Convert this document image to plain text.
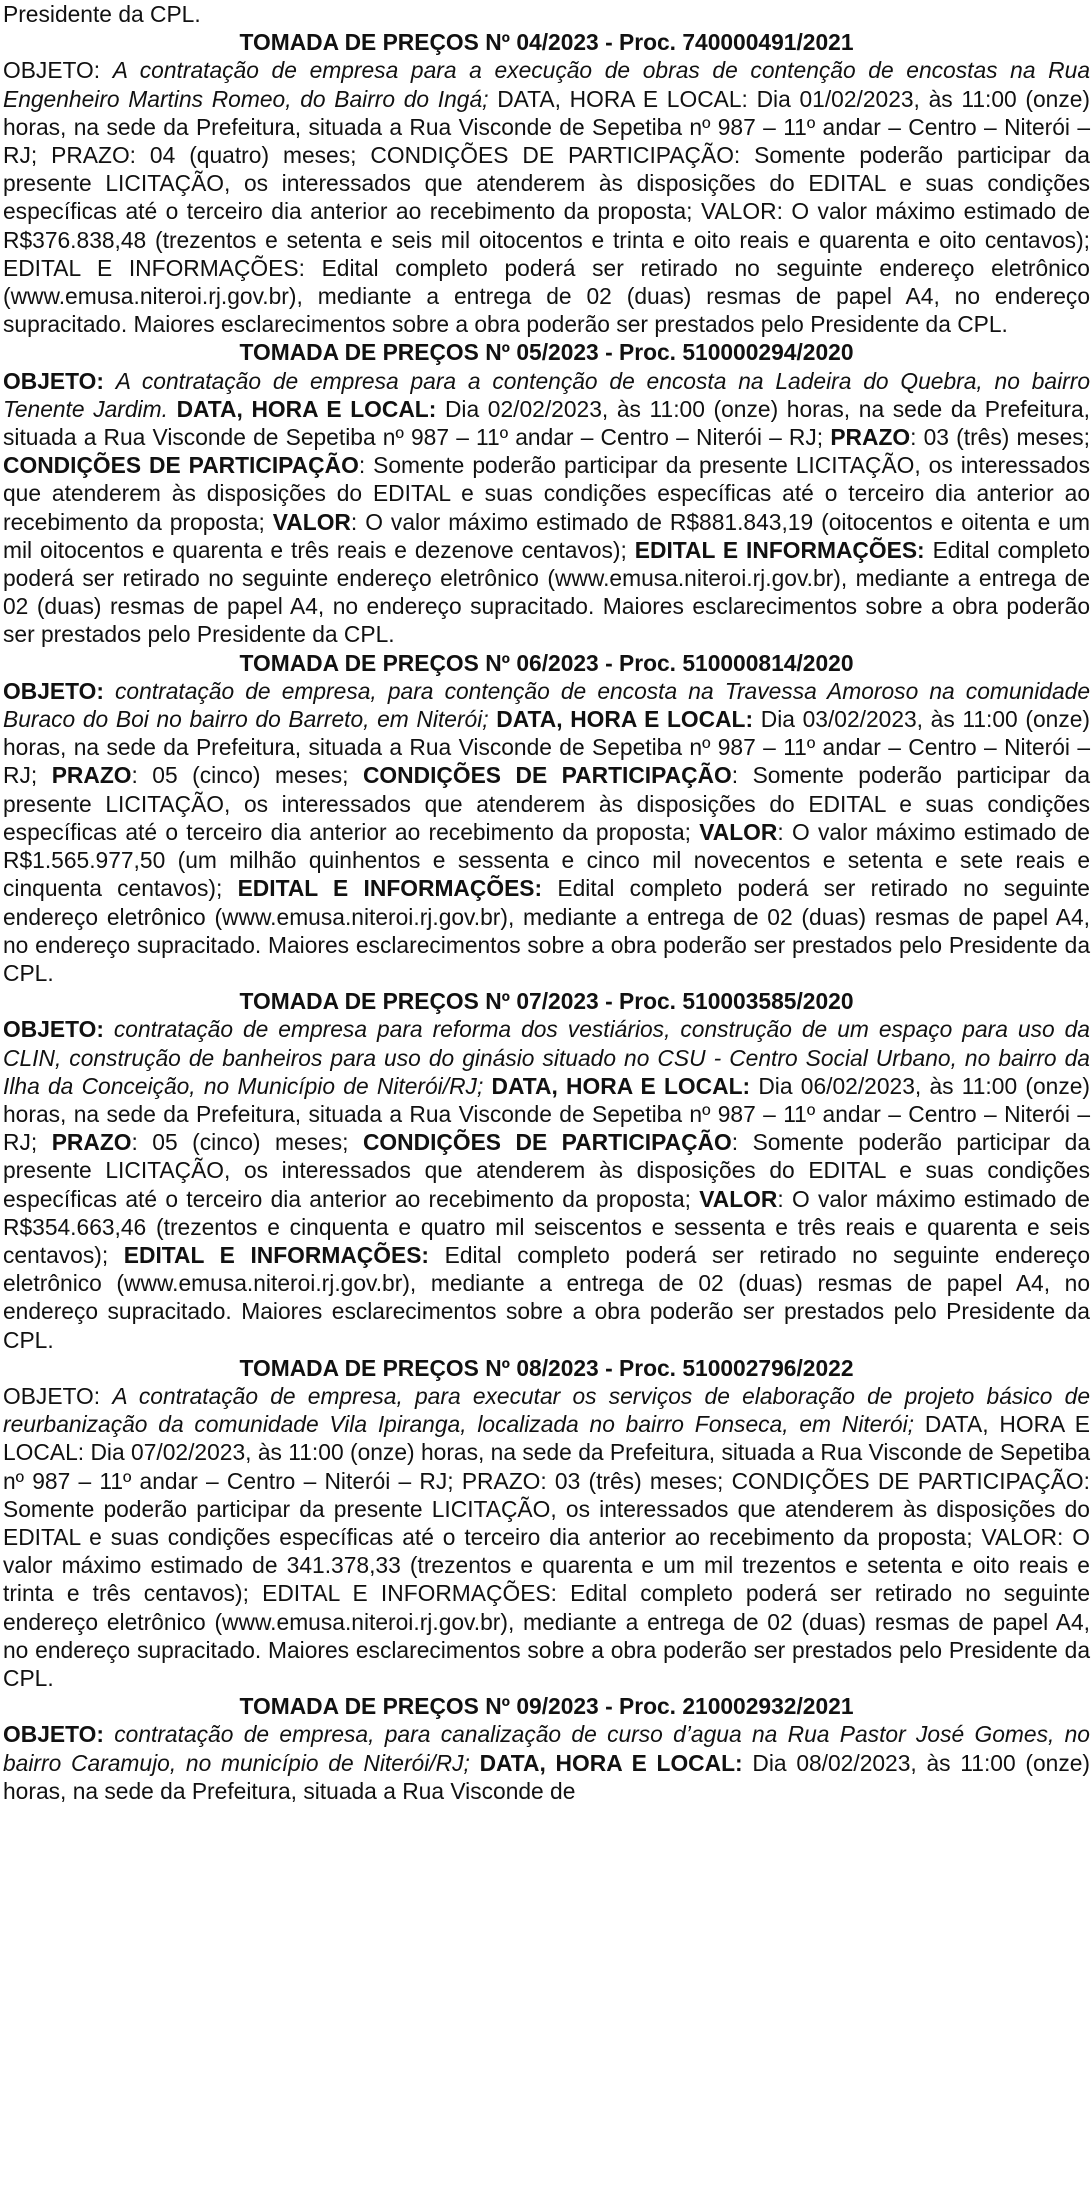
Presidente da CPL.

TOMADA DE PREÇOS Nº 04/2023 - Proc. 740000491/2021

OBJETO: A contratação de empresa para a execução de obras de contenção de encostas na Rua Engenheiro Martins Romeo, do Bairro do Ingá; DATA, HORA E LOCAL: Dia 01/02/2023, às 11:00 (onze) horas, na sede da Prefeitura, situada a Rua Visconde de Sepetiba nº 987 – 11º andar – Centro – Niterói – RJ; PRAZO: 04 (quatro) meses; CONDIÇÕES DE PARTICIPAÇÃO: Somente poderão participar da presente LICITAÇÃO, os interessados que atenderem às disposições do EDITAL e suas condições específicas até o terceiro dia anterior ao recebimento da proposta; VALOR: O valor máximo estimado de R$376.838,48 (trezentos e setenta e seis mil oitocentos e trinta e oito reais e quarenta e oito centavos); EDITAL E INFORMAÇÕES: Edital completo poderá ser retirado no seguinte endereço eletrônico (www.emusa.niteroi.rj.gov.br), mediante a entrega de 02 (duas) resmas de papel A4, no endereço supracitado. Maiores esclarecimentos sobre a obra poderão ser prestados pelo Presidente da CPL.

TOMADA DE PREÇOS Nº 05/2023 - Proc. 510000294/2020

OBJETO: A contratação de empresa para a contenção de encosta na Ladeira do Quebra, no bairro Tenente Jardim. DATA, HORA E LOCAL: Dia 02/02/2023, às 11:00 (onze) horas, na sede da Prefeitura, situada a Rua Visconde de Sepetiba nº 987 – 11º andar – Centro – Niterói – RJ; PRAZO: 03 (três) meses; CONDIÇÕES DE PARTICIPAÇÃO: Somente poderão participar da presente LICITAÇÃO, os interessados que atenderem às disposições do EDITAL e suas condições específicas até o terceiro dia anterior ao recebimento da proposta; VALOR: O valor máximo estimado de R$881.843,19 (oitocentos e oitenta e um mil oitocentos e quarenta e três reais e dezenove centavos); EDITAL E INFORMAÇÕES: Edital completo poderá ser retirado no seguinte endereço eletrônico (www.emusa.niteroi.rj.gov.br), mediante a entrega de 02 (duas) resmas de papel A4, no endereço supracitado. Maiores esclarecimentos sobre a obra poderão ser prestados pelo Presidente da CPL.

TOMADA DE PREÇOS Nº 06/2023 - Proc. 510000814/2020

OBJETO: contratação de empresa, para contenção de encosta na Travessa Amoroso na comunidade Buraco do Boi no bairro do Barreto, em Niterói; DATA, HORA E LOCAL: Dia 03/02/2023, às 11:00 (onze) horas, na sede da Prefeitura, situada a Rua Visconde de Sepetiba nº 987 – 11º andar – Centro – Niterói – RJ; PRAZO: 05 (cinco) meses; CONDIÇÕES DE PARTICIPAÇÃO: Somente poderão participar da presente LICITAÇÃO, os interessados que atenderem às disposições do EDITAL e suas condições específicas até o terceiro dia anterior ao recebimento da proposta; VALOR: O valor máximo estimado de R$1.565.977,50 (um milhão quinhentos e sessenta e cinco mil novecentos e setenta e sete reais e cinquenta centavos); EDITAL E INFORMAÇÕES: Edital completo poderá ser retirado no seguinte endereço eletrônico (www.emusa.niteroi.rj.gov.br), mediante a entrega de 02 (duas) resmas de papel A4, no endereço supracitado. Maiores esclarecimentos sobre a obra poderão ser prestados pelo Presidente da CPL.

TOMADA DE PREÇOS Nº 07/2023 - Proc. 510003585/2020

OBJETO: contratação de empresa para reforma dos vestiários, construção de um espaço para uso da CLIN, construção de banheiros para uso do ginásio situado no CSU - Centro Social Urbano, no bairro da Ilha da Conceição, no Município de Niterói/RJ; DATA, HORA E LOCAL: Dia 06/02/2023, às 11:00 (onze) horas, na sede da Prefeitura, situada a Rua Visconde de Sepetiba nº 987 – 11º andar – Centro – Niterói – RJ; PRAZO: 05 (cinco) meses; CONDIÇÕES DE PARTICIPAÇÃO: Somente poderão participar da presente LICITAÇÃO, os interessados que atenderem às disposições do EDITAL e suas condições específicas até o terceiro dia anterior ao recebimento da proposta; VALOR: O valor máximo estimado de R$354.663,46 (trezentos e cinquenta e quatro mil seiscentos e sessenta e três reais e quarenta e seis centavos); EDITAL E INFORMAÇÕES: Edital completo poderá ser retirado no seguinte endereço eletrônico (www.emusa.niteroi.rj.gov.br), mediante a entrega de 02 (duas) resmas de papel A4, no endereço supracitado. Maiores esclarecimentos sobre a obra poderão ser prestados pelo Presidente da CPL.

TOMADA DE PREÇOS Nº 08/2023 - Proc. 510002796/2022

OBJETO: A contratação de empresa, para executar os serviços de elaboração de projeto básico de reurbanização da comunidade Vila Ipiranga, localizada no bairro Fonseca, em Niterói; DATA, HORA E LOCAL: Dia 07/02/2023, às 11:00 (onze) horas, na sede da Prefeitura, situada a Rua Visconde de Sepetiba nº 987 – 11º andar – Centro – Niterói – RJ; PRAZO: 03 (três) meses; CONDIÇÕES DE PARTICIPAÇÃO: Somente poderão participar da presente LICITAÇÃO, os interessados que atenderem às disposições do EDITAL e suas condições específicas até o terceiro dia anterior ao recebimento da proposta; VALOR: O valor máximo estimado de 341.378,33 (trezentos e quarenta e um mil trezentos e setenta e oito reais e trinta e três centavos); EDITAL E INFORMAÇÕES: Edital completo poderá ser retirado no seguinte endereço eletrônico (www.emusa.niteroi.rj.gov.br), mediante a entrega de 02 (duas) resmas de papel A4, no endereço supracitado. Maiores esclarecimentos sobre a obra poderão ser prestados pelo Presidente da CPL.

TOMADA DE PREÇOS Nº 09/2023 - Proc. 210002932/2021

OBJETO: contratação de empresa, para canalização de curso d’agua na Rua Pastor José Gomes, no bairro Caramujo, no município de Niterói/RJ; DATA, HORA E LOCAL: Dia 08/02/2023, às 11:00 (onze) horas, na sede da Prefeitura, situada a Rua Visconde de
